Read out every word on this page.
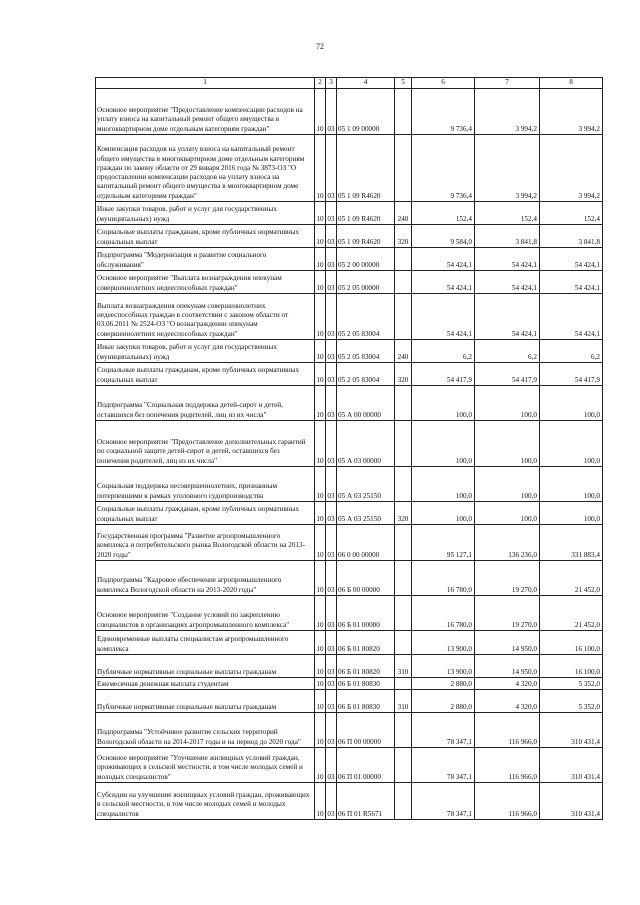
72
1	2	3	4	5	6	7	8
Основное мероприятие "Предоставление компенсации расходов на уплату взноса на капитальный ремонт общего имущества в многоквартирном доме отдельным категориям граждан"	10	03	05 1 09 00000		9 736,4	3 994,2	3 994,2
Компенсация расходов на уплату взноса на капитальный ремонт общего имущества в многоквартирном доме отдельным категориям граждан по закону области от 29 января 2016 года № 3873-ОЗ "О предоставлении компенсации расходов на уплату взноса на капитальный ремонт общего имущества в многоквартирном доме отдельным категориям граждан"	10	03	05 1 09 R4620		9 736,4	3 994,2	3 994,2
Иные закупки товаров, работ и услуг для государственных (муниципальных) нужд	10	03	05 1 09 R4620	240	152,4	152,4	152,4
Социальные выплаты гражданам, кроме публичных нормативных социальных выплат	10	03	05 1 09 R4620	320	9 584,0	3 841,8	3 841,8
Подпрограмма "Модернизация и развитие социального обслуживания"	10	03	05 2 00 00000		54 424,1	54 424,1	54 424,1
Основное мероприятие "Выплата вознаграждения опекунам совершеннолетних недееспособных граждан"	10	03	05 2 05 00000		54 424,1	54 424,1	54 424,1
Выплата вознаграждения опекунам совершеннолетних недееспособных граждан в соответствии с законом области от 03.06.2011 № 2524-ОЗ "О вознаграждении опекунам совершеннолетних недееспособных граждан"	10	03	05 2 05 83004		54 424,1	54 424,1	54 424,1
Иные закупки товаров, работ и услуг для государственных (муниципальных) нужд	10	03	05 2 05 83004	240	6,2	6,2	6,2
Социальные выплаты гражданам, кроме публичных нормативных социальных выплат	10	03	05 2 05 83004	320	54 417,9	54 417,9	54 417,9
Подпрограмма "Социальная поддержка детей-сирот и детей, оставшихся без попечения родителей, лиц из их числа"	10	03	05 А 00 00000		100,0	100,0	100,0
Основное мероприятие "Предоставление дополнительных гарантий по социальной защите детей-сирот и детей, оставшихся без попечения родителей, лиц из их числа"	10	03	05 А 03 00000		100,0	100,0	100,0
Социальная поддержка несовершеннолетних, признанным потерпевшими в рамках уголовного судопроизводства	10	03	05 А 03 25150		100,0	100,0	100,0
Социальные выплаты гражданам, кроме публичных нормативных социальных выплат	10	03	05 А 03 25150	320	100,0	100,0	100,0
Государственная программа "Развитие агропромышленного комплекса и потребительского рынка Вологодской области на 2013-2020 годы"	10	03	06 0 00 00000		95 127,1	136 236,0	331 883,4
Подпрограмма "Кадровое обеспечение агропромышленного комплекса Вологодской области на 2013-2020 годы"	10	03	06 Б 00 00000		16 780,0	19 270,0	21 452,0
Основное мероприятие "Создание условий по закреплению специалистов в организациях агропромышленного комплекса"	10	03	06 Б 01 00000		16 780,0	19 270,0	21 452,0
Единовременные выплаты специалистам агропромышленного комплекса	10	03	06 Б 01 80820		13 900,0	14 950,0	16 100,0
Публичные нормативные социальные выплаты гражданам	10	03	06 Б 01 80820	310	13 900,0	14 950,0	16 100,0
Ежемесячная денежная выплата студентам	10	03	06 Б 01 80830		2 880,0	4 320,0	5 352,0
Публичные нормативные социальные выплаты гражданам	10	03	06 Б 01 80830	310	2 880,0	4 320,0	5 352,0
Подпрограмма "Устойчивое развитие сельских территорий Вологодской области на 2014-2017 годы и на период до 2020 года"	10	03	06 П 00 00000		78 347,1	116 966,0	310 431,4
Основное мероприятие "Улучшение жилищных условий граждан, проживающих в сельской местности, в том числе молодых семей и молодых специалистов"	10	03	06 П 01 00000		78 347,1	116 966,0	310 431,4
Субсидии на улучшение жилищных условий граждан, проживающих в сельской местности, в том числе молодых семей и молодых специалистов	10	03	06 П 01 R5671		78 347,1	116 966,0	310 431,4
